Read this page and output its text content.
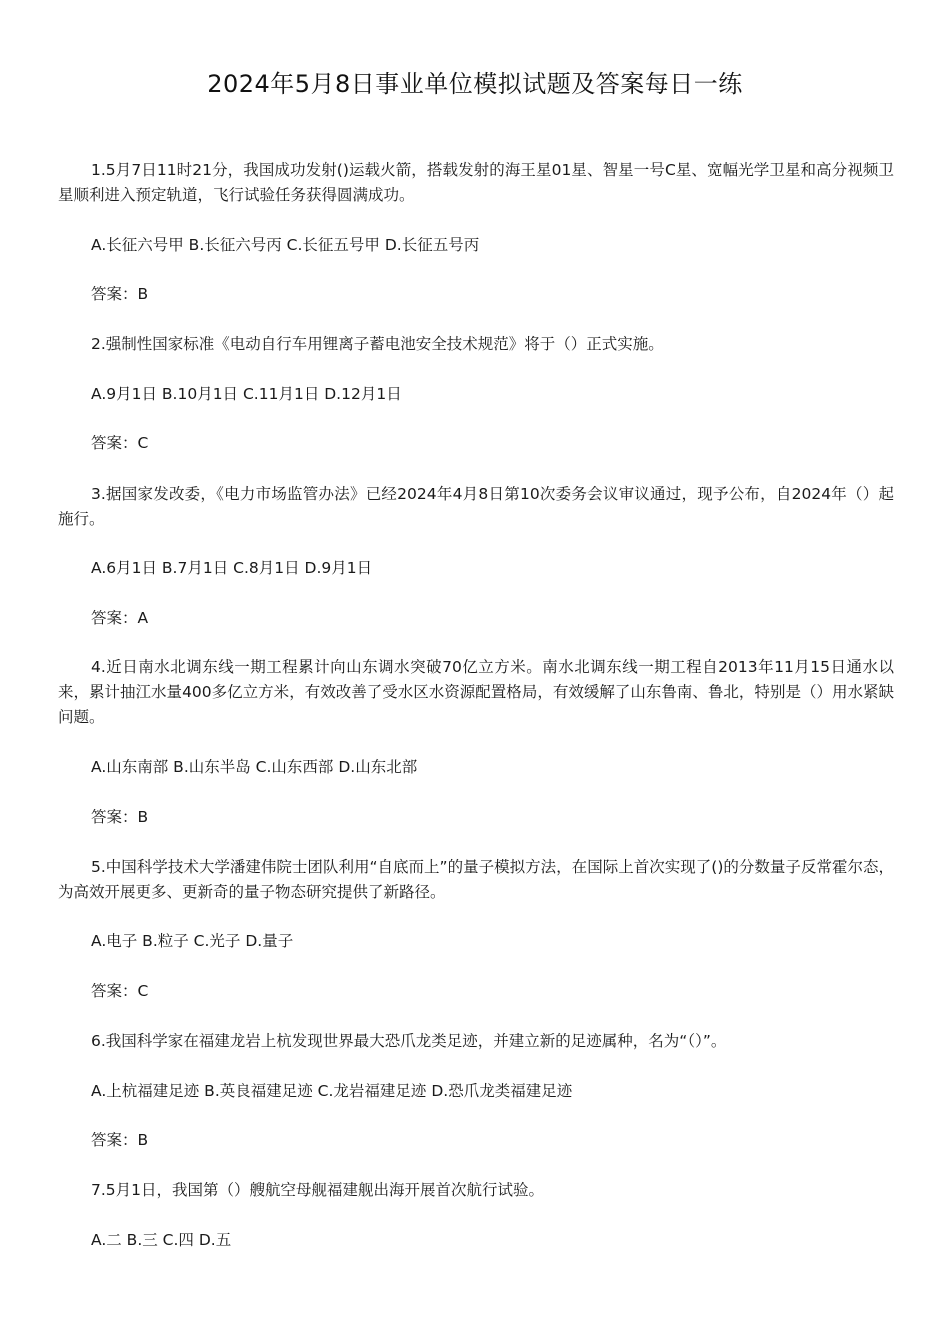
2024年5月8日事业单位模拟试题及答案每日一练

1.5月7日11时21分，我国成功发射()运载火箭，搭载发射的海王星01星、智星一号C星、宽幅光学卫星和高分视频卫星顺利进入预定轨道，飞行试验任务获得圆满成功。

A.长征六号甲 B.长征六号丙 C.长征五号甲 D.长征五号丙

答案：B

2.强制性国家标准《电动自行车用锂离子蓄电池安全技术规范》将于（）正式实施。

A.9月1日 B.10月1日 C.11月1日 D.12月1日

答案：C

3.据国家发改委，《电力市场监管办法》已经2024年4月8日第10次委务会议审议通过，现予公布，自2024年（）起施行。

A.6月1日 B.7月1日 C.8月1日 D.9月1日

答案：A

4.近日南水北调东线一期工程累计向山东调水突破70亿立方米。南水北调东线一期工程自2013年11月15日通水以来，累计抽江水量400多亿立方米，有效改善了受水区水资源配置格局，有效缓解了山东鲁南、鲁北，特别是（）用水紧缺问题。

A.山东南部 B.山东半岛 C.山东西部 D.山东北部

答案：B

5.中国科学技术大学潘建伟院士团队利用“自底而上”的量子模拟方法，在国际上首次实现了()的分数量子反常霍尔态，为高效开展更多、更新奇的量子物态研究提供了新路径。

A.电子 B.粒子 C.光子 D.量子

答案：C

6.我国科学家在福建龙岩上杭发现世界最大恐爪龙类足迹，并建立新的足迹属种，名为“（）”。

A.上杭福建足迹 B.英良福建足迹 C.龙岩福建足迹 D.恐爪龙类福建足迹

答案：B

7.5月1日，我国第（）艘航空母舰福建舰出海开展首次航行试验。

A.二 B.三 C.四 D.五
